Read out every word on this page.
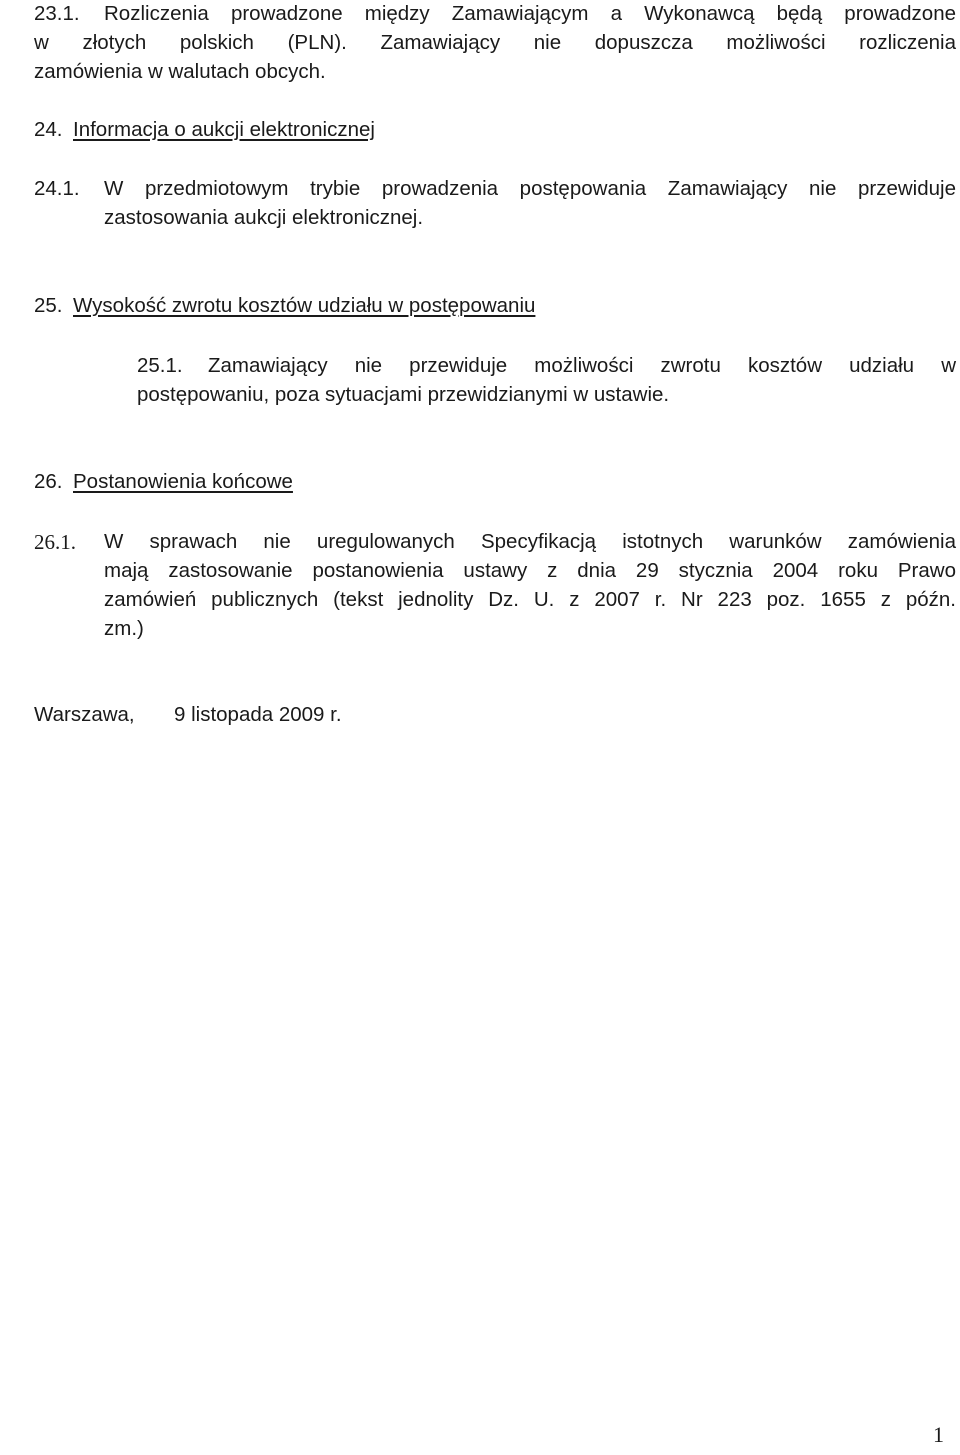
23.1. Rozliczenia prowadzone między Zamawiającym a Wykonawcą będą prowadzone
w złotych polskich (PLN). Zamawiający nie dopuszcza możliwości rozliczenia
zamówienia w walutach obcych.
24. Informacja o aukcji elektronicznej
24.1. W przedmiotowym trybie prowadzenia postępowania Zamawiający nie przewiduje
zastosowania aukcji elektronicznej.
25. Wysokość zwrotu kosztów udziału w postępowaniu
25.1. Zamawiający nie przewiduje możliwości zwrotu kosztów udziału w
postępowaniu, poza sytuacjami przewidzianymi w ustawie.
26. Postanowienia końcowe
26.1. W sprawach nie uregulowanych Specyfikacją istotnych warunków zamówienia
mają zastosowanie postanowienia ustawy z dnia 29 stycznia 2004 roku Prawo
zamówień publicznych (tekst jednolity Dz. U. z 2007 r. Nr 223 poz. 1655 z późn.
zm.)
Warszawa, 9 listopada 2009 r.
1
